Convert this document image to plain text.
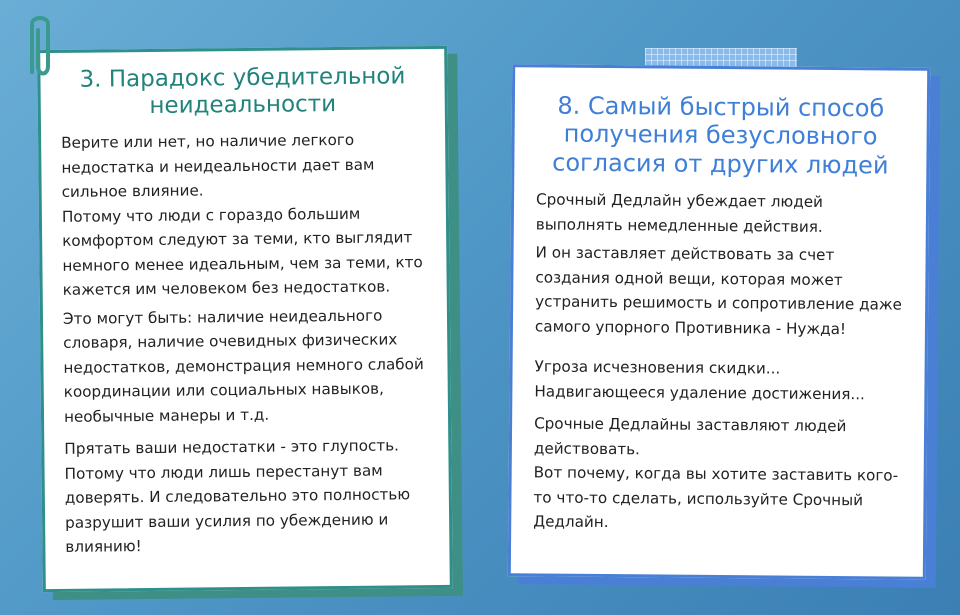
3. Парадокс убедительной неидеальности

Верите или нет, но наличие легкого недостатка и неидеальности дает вам сильное влияние.

Потому что люди с гораздо большим комфортом следуют за теми, кто выглядит немного менее идеальным, чем за теми, кто кажется им человеком без недостатков.

Это могут быть: наличие неидеального словаря, наличие очевидных физических недостатков, демонстрация немного слабой координации или социальных навыков, необычные манеры и т.д.

Прятать ваши недостатки - это глупость. Потому что люди лишь перестанут вам доверять. И следовательно это полностью разрушит ваши усилия по убеждению и влиянию!

8. Самый быстрый способ получения безусловного согласия от других людей

Срочный Дедлайн убеждает людей выполнять немедленные действия.

И он заставляет действовать за счет создания одной вещи, которая может устранить решимость и сопротивление даже самого упорного Противника - Нужда!

Угроза исчезновения скидки... Надвигающееся удаление достижения...

Срочные Дедлайны заставляют людей действовать.

Вот почему, когда вы хотите заставить кого-то что-то сделать, используйте Срочный Дедлайн.
